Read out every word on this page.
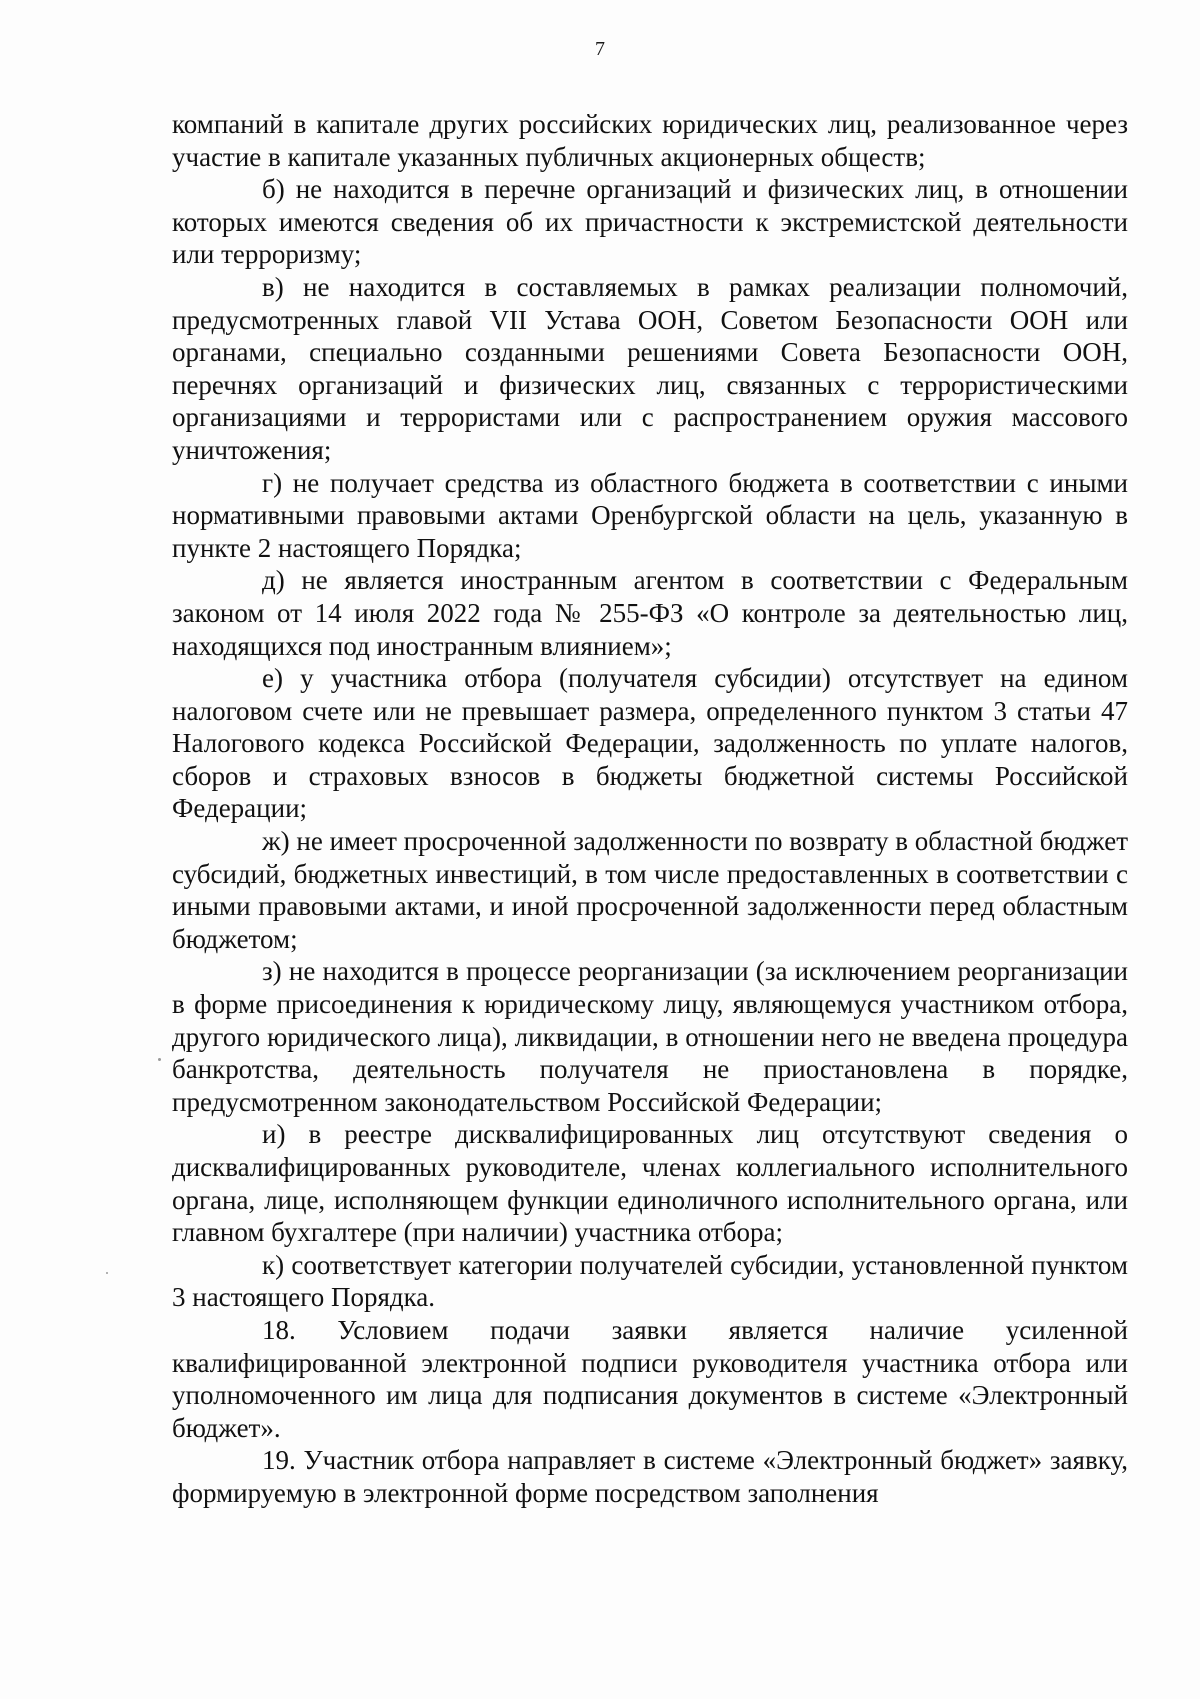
7

компаний в капитале других российских юридических лиц, реализованное через участие в капитале указанных публичных акционерных обществ;

б) не находится в перечне организаций и физических лиц, в отношении которых имеются сведения об их причастности к экстремистской деятельности или терроризму;

в) не находится в составляемых в рамках реализации полномочий, предусмотренных главой VII Устава ООН, Советом Безопасности ООН или органами, специально созданными решениями Совета Безопасности ООН, перечнях организаций и физических лиц, связанных с террористическими организациями и террористами или с распространением оружия массового уничтожения;

г) не получает средства из областного бюджета в соответствии с иными нормативными правовыми актами Оренбургской области на цель, указанную в пункте 2 настоящего Порядка;

д) не является иностранным агентом в соответствии с Федеральным законом от 14 июля 2022 года № 255-ФЗ «О контроле за деятельностью лиц, находящихся под иностранным влиянием»;

е) у участника отбора (получателя субсидии) отсутствует на едином налоговом счете или не превышает размера, определенного пунктом 3 статьи 47 Налогового кодекса Российской Федерации, задолженность по уплате налогов, сборов и страховых взносов в бюджеты бюджетной системы Российской Федерации;

ж) не имеет просроченной задолженности по возврату в областной бюджет субсидий, бюджетных инвестиций, в том числе предоставленных в соответствии с иными правовыми актами, и иной просроченной задолженности перед областным бюджетом;

з) не находится в процессе реорганизации (за исключением реорганизации в форме присоединения к юридическому лицу, являющемуся участником отбора, другого юридического лица), ликвидации, в отношении него не введена процедура банкротства, деятельность получателя не приостановлена в порядке, предусмотренном законодательством Российской Федерации;

и) в реестре дисквалифицированных лиц отсутствуют сведения о дисквалифицированных руководителе, членах коллегиального исполнительного органа, лице, исполняющем функции единоличного исполнительного органа, или главном бухгалтере (при наличии) участника отбора;

к) соответствует категории получателей субсидии, установленной пунктом 3 настоящего Порядка.

18. Условием подачи заявки является наличие усиленной квалифицированной электронной подписи руководителя участника отбора или уполномоченного им лица для подписания документов в системе «Электронный бюджет».

19. Участник отбора направляет в системе «Электронный бюджет» заявку, формируемую в электронной форме посредством заполнения
